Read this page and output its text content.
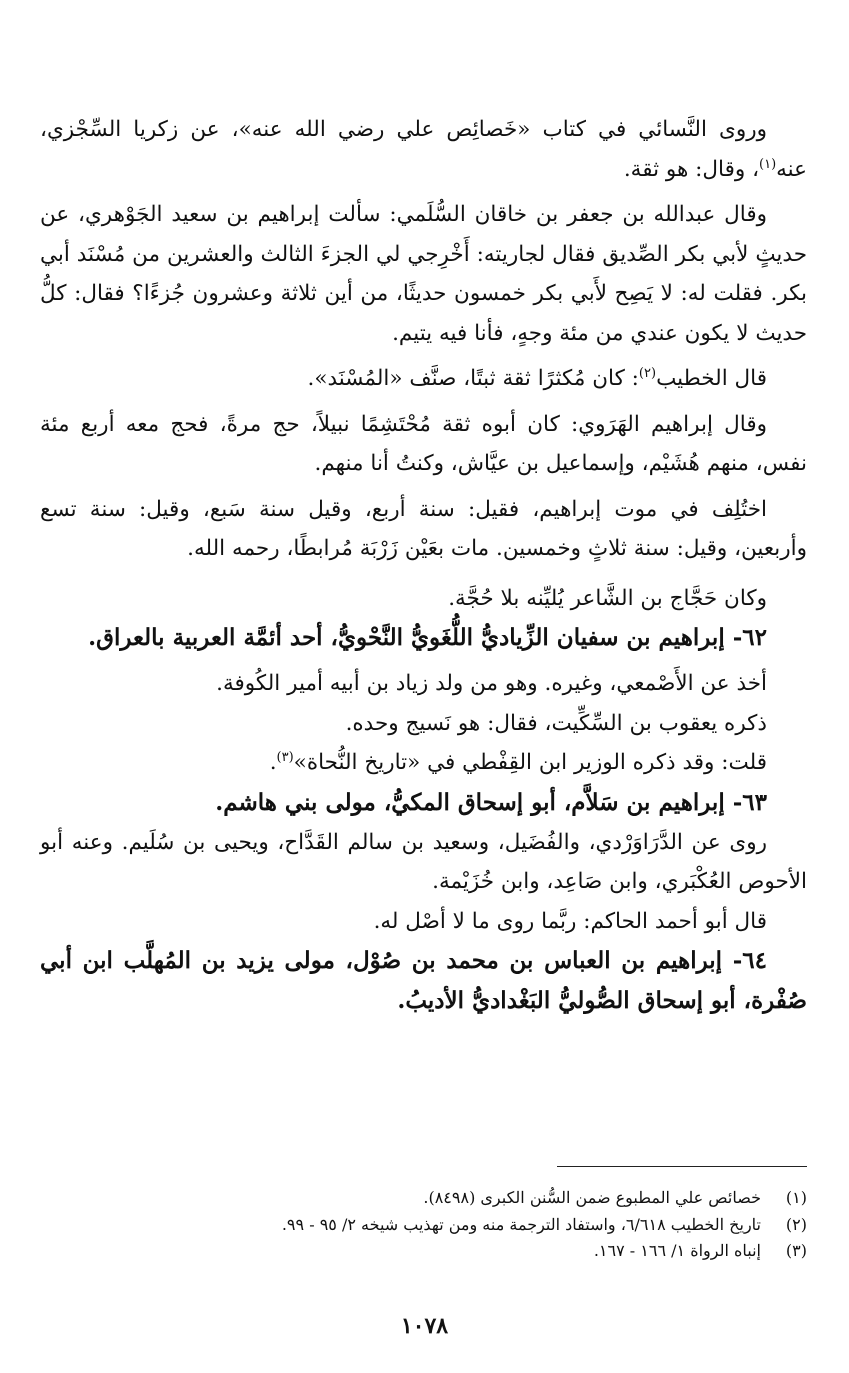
وروى النَّسائي في كتاب «خَصائِص علي رضي الله عنه»، عن زكريا السِّجْزي، عنه$^{(١)}$، وقال: هو ثقة.

وقال عبدالله بن جعفر بن خاقان السُّلَمي: سألت إبراهيم بن سعيد الجَوْهري، عن حديثٍ لأبي بكر الصِّديق فقال لجاريته: أَخْرِجي لي الجزءَ الثالث والعشرين من مُسْنَد أبي بكر. فقلت له: لا يَصِح لأَبي بكر خمسون حديثًا، من أين ثلاثة وعشرون جُزءًا؟ فقال: كلُّ حديث لا يكون عندي من مئة وجهٍ، فأنا فيه يتيم.

قال الخطيب$^{(٢)}$: كان مُكثرًا ثقة ثبتًا، صنَّف «المُسْنَد».

وقال إبراهيم الهَرَوي: كان أبوه ثقة مُحْتَشِمًا نبيلاً، حج مرةً، فحج معه أربع مئة نفس، منهم هُشَيْم، وإسماعيل بن عيَّاش، وكنتُ أنا منهم.

اختُلِف في موت إبراهيم، فقيل: سنة أربع، وقيل سنة سَبع، وقيل: سنة تسع وأربعين، وقيل: سنة ثلاثٍ وخمسين. مات بعَيْن زَرْبَة مُرابطًا، رحمه الله.

وكان حَجَّاج بن الشَّاعر يُليِّنه بلا حُجَّة.

٦٢- إبراهيم بن سفيان الزِّياديُّ اللُّغَويُّ النَّحْويُّ، أحد أئمَّة العربية بالعراق.

أخذ عن الأَصْمعي، وغيره. وهو من ولد زياد بن أبيه أمير الكُوفة.

ذكره يعقوب بن السِّكِّيت، فقال: هو نَسيج وحده.

قلت: وقد ذكره الوزير ابن القِفْطي في «تاريخ النُّحاة»$^{(٣)}$.

٦٣- إبراهيم بن سَلاَّم، أبو إسحاق المكيُّ، مولى بني هاشم.

روى عن الدَّرَاوَرْدي، والفُضَيل، وسعيد بن سالم القَدَّاح، ويحيى بن سُلَيم. وعنه أبو الأحوص العُكْبَري، وابن صَاعِد، وابن خُزَيْمة.

قال أبو أحمد الحاكم: ربَّما روى ما لا أصْل له.

٦٤- إبراهيم بن العباس بن محمد بن صُوْل، مولى يزيد بن المُهلَّب ابن أبي صُفْرة، أبو إسحاق الصُّوليُّ البَغْداديُّ الأديبُ.

(١)
خصائص علي المطبوع ضمن السُّنن الكبرى (٨٤٩٨).
(٢)
تاريخ الخطيب ٦/٦١٨، واستفاد الترجمة منه ومن تهذيب شيخه ٢/ ٩٥ - ٩٩.
(٣)
إنباه الرواة ١/ ١٦٦ - ١٦٧.
١٠٧٨
